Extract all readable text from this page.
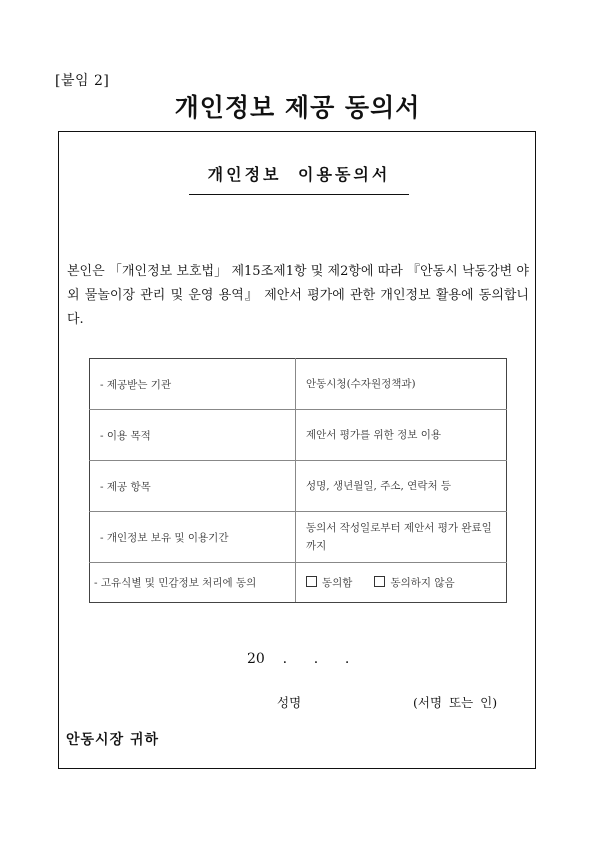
[붙임 2]
개인정보 제공 동의서
개인정보 이용동의서
본인은 「개인정보 보호법」 제15조제1항 및 제2항에 따라 『안동시 낙동강변 야외 물놀이장 관리 및 운영 용역』 제안서 평가에 관한 개인정보 활용에 동의합니다.
- 제공받는 기관	안동시청(수자원정책과)
- 이용 목적	제안서 평가를 위한 정보 이용
- 제공 항목	성명, 생년월일, 주소, 연락처 등
- 개인정보 보유 및 이용기간	동의서 작성일로부터 제안서 평가 완료일 까지
- 고유식별 및 민감정보 처리에 동의	동의함 동의하지 않음
20    .      .      .
성명	(서명 또는 인)
안동시장 귀하
